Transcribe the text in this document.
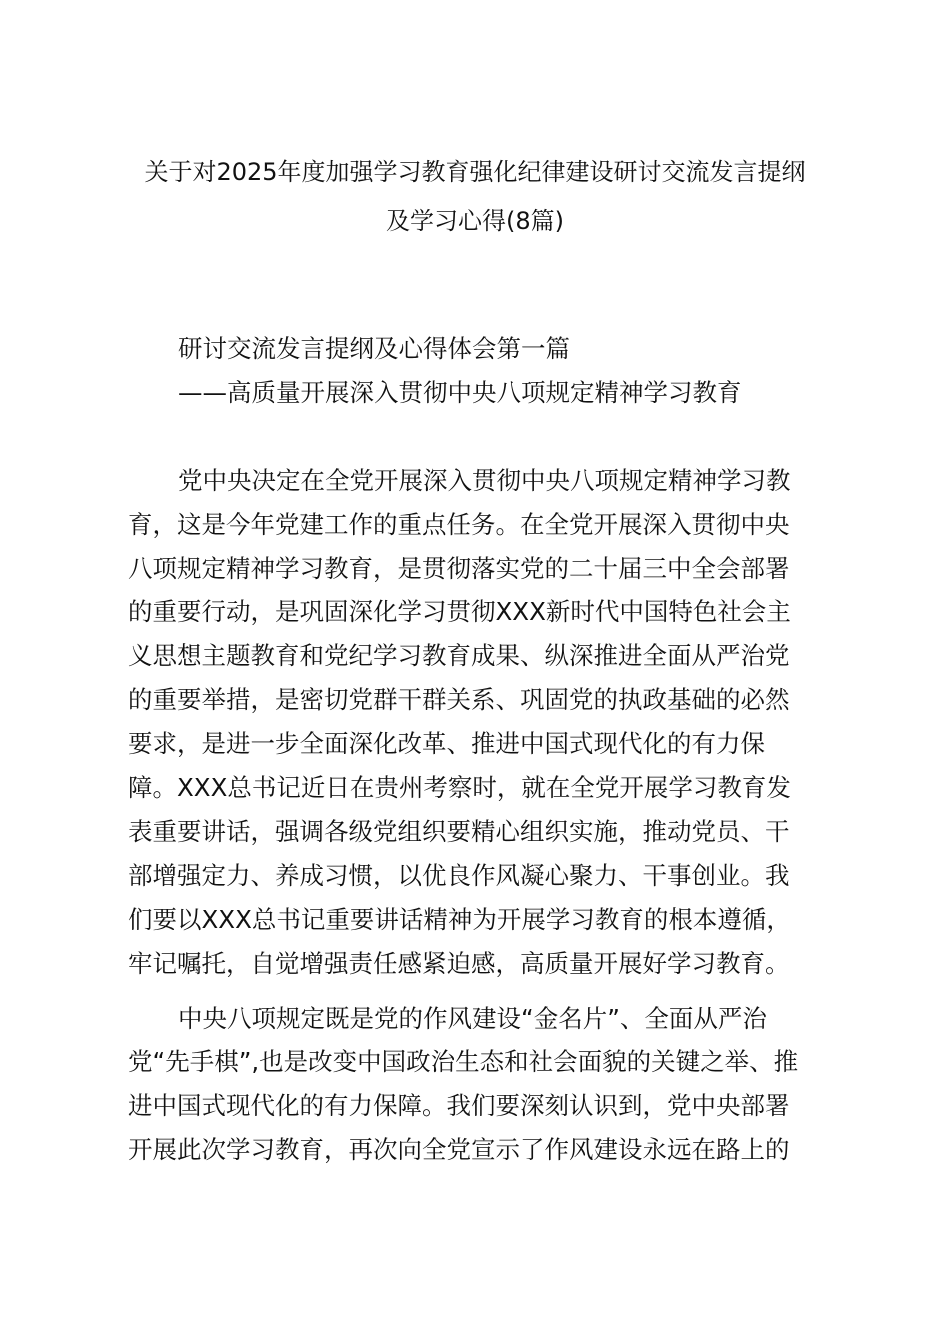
关于对2025年度加强学习教育强化纪律建设研讨交流发言提纲
及学习心得(8篇)
研讨交流发言提纲及心得体会第一篇
——高质量开展深入贯彻中央八项规定精神学习教育
党中央决定在全党开展深入贯彻中央八项规定精神学习教
育，这是今年党建工作的重点任务。在全党开展深入贯彻中央
八项规定精神学习教育，是贯彻落实党的二十届三中全会部署
的重要行动，是巩固深化学习贯彻XXX新时代中国特色社会主
义思想主题教育和党纪学习教育成果、纵深推进全面从严治党
的重要举措，是密切党群干群关系、巩固党的执政基础的必然
要求，是进一步全面深化改革、推进中国式现代化的有力保
障。XXX总书记近日在贵州考察时，就在全党开展学习教育发
表重要讲话，强调各级党组织要精心组织实施，推动党员、干
部增强定力、养成习惯，以优良作风凝心聚力、干事创业。我
们要以XXX总书记重要讲话精神为开展学习教育的根本遵循，
牢记嘱托，自觉增强责任感紧迫感，高质量开展好学习教育。
中央八项规定既是党的作风建设“金名片”、全面从严治
党“先手棋”,也是改变中国政治生态和社会面貌的关键之举、推
进中国式现代化的有力保障。我们要深刻认识到，党中央部署
开展此次学习教育，再次向全党宣示了作风建设永远在路上的
